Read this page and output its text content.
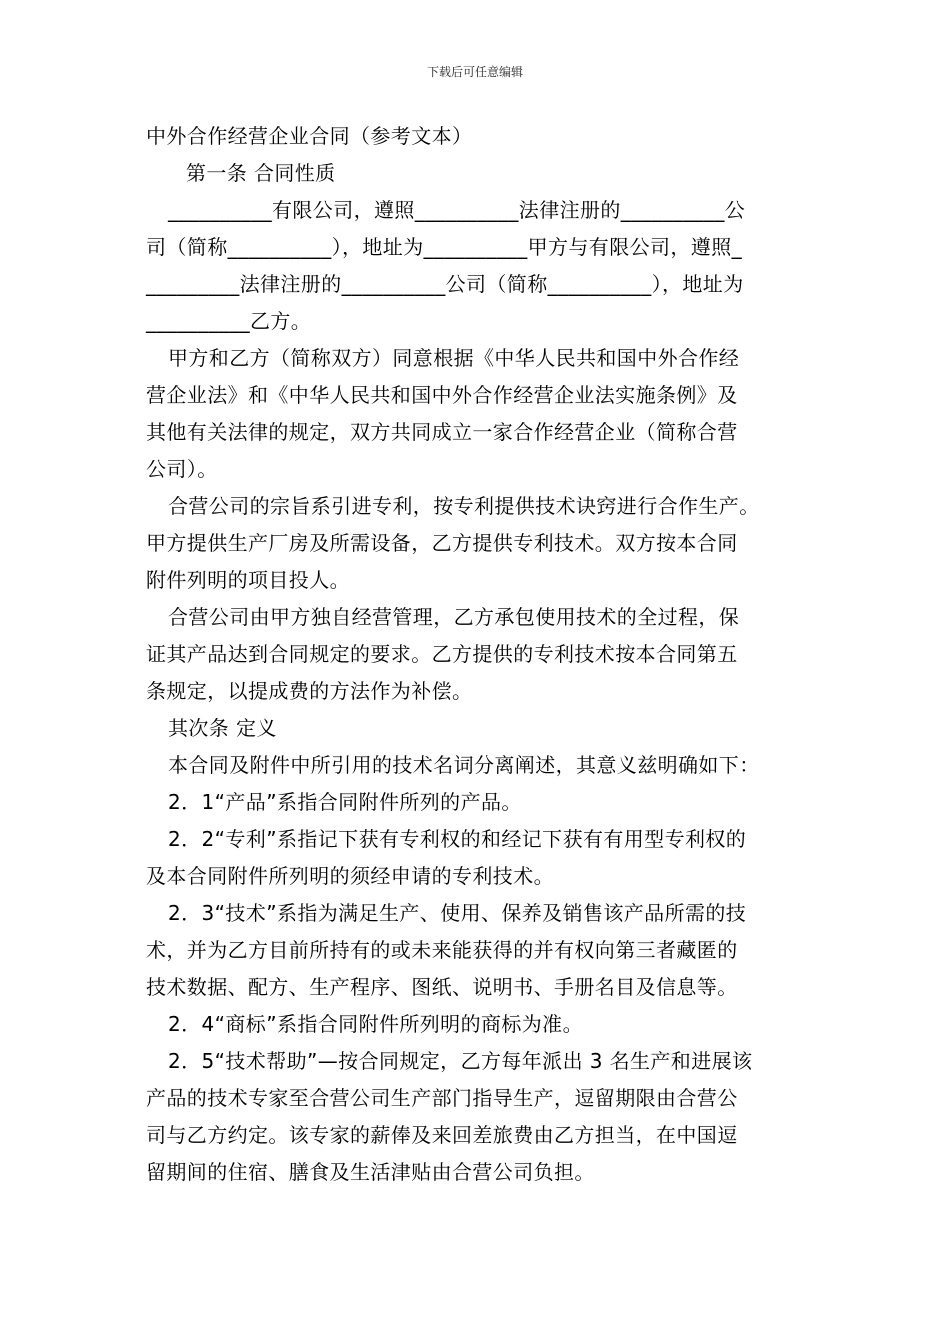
下载后可任意编辑
中外合作经营企业合同（参考文本）
第一条 合同性质
__________有限公司，遵照__________法律注册的__________公
司（简称__________），地址为__________甲方与有限公司，遵照_
_________法律注册的__________公司（简称__________），地址为
__________乙方。
甲方和乙方（简称双方）同意根据《中华人民共和国中外合作经
营企业法》和《中华人民共和国中外合作经营企业法实施条例》及
其他有关法律的规定，双方共同成立一家合作经营企业（简称合营
公司）。
合营公司的宗旨系引进专利，按专利提供技术诀窍进行合作生产。
甲方提供生产厂房及所需设备，乙方提供专利技术。双方按本合同
附件列明的项目投人。
合营公司由甲方独自经营管理，乙方承包使用技术的全过程，保
证其产品达到合同规定的要求。乙方提供的专利技术按本合同第五
条规定，以提成费的方法作为补偿。
其次条 定义
本合同及附件中所引用的技术名词分离阐述，其意义兹明确如下：
2．1“产品”系指合同附件所列的产品。
2．2“专利”系指记下获有专利权的和经记下获有有用型专利权的
及本合同附件所列明的须经申请的专利技术。
2．3“技术”系指为满足生产、使用、保养及销售该产品所需的技
术，并为乙方目前所持有的或未来能获得的并有权向第三者藏匿的
技术数据、配方、生产程序、图纸、说明书、手册名目及信息等。
2．4“商标”系指合同附件所列明的商标为准。
2．5“技术帮助”—按合同规定，乙方每年派出 3 名生产和进展该
产品的技术专家至合营公司生产部门指导生产，逗留期限由合营公
司与乙方约定。该专家的薪俸及来回差旅费由乙方担当，在中国逗
留期间的住宿、膳食及生活津贴由合营公司负担。
